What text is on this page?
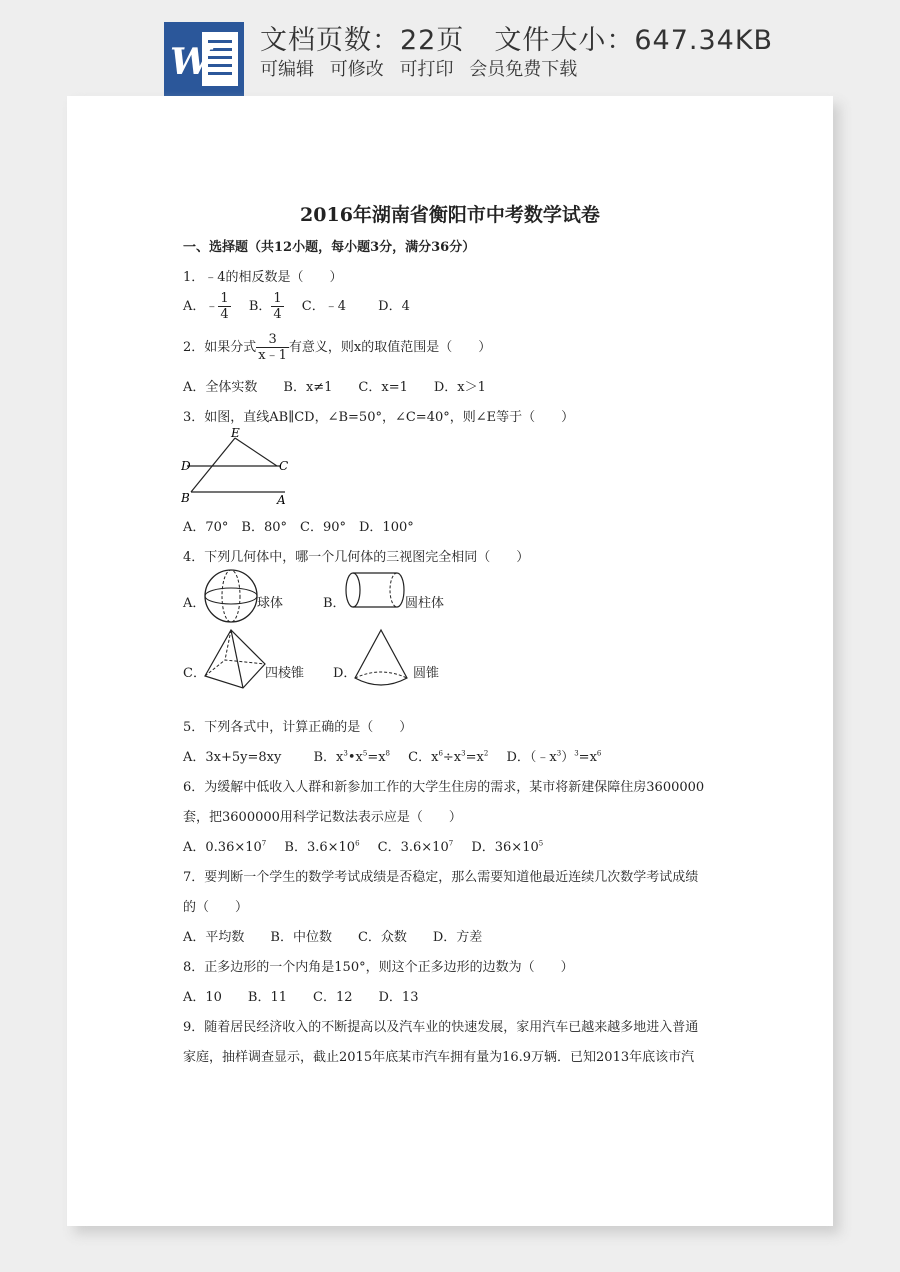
W
文档页数：22页 文件大小：647.34KB
可编辑 可修改 可打印 会员免费下载
2016年湖南省衡阳市中考数学试卷
一、选择题（共12小题，每小题3分，满分36分）
1．﹣4的相反数是（　　）
A．﹣ $\frac{1}{4}$ B． $\frac{1}{4}$ C．﹣4 D．4
2．如果分式 $\frac{3}{x﹣1}$ 有意义，则x的取值范围是（　　）
A．全体实数　　B．x≠1　　C．x=1　　D．x＞1
3．如图，直线AB∥CD，∠B=50°，∠C=40°，则∠E等于（　　）
E
D	C
B	A
A．70°　B．80°　C．90°　D．100°
4．下列几何体中，哪一个几何体的三视图完全相同（　　）
A．	球体	B．	圆柱体
C．	四棱锥 D．	圆锥
5．下列各式中，计算正确的是（　　）
A．3x+5y=8xy B．$x^3•x^5=x^8$ C．$x^6\div x^3=x^2$ D．$(﹣x^3)^3=x^6$
6．为缓解中低收入人群和新参加工作的大学生住房的需求，某市将新建保障住房3600000
套，把3600000用科学记数法表示应是（　　）
A．$0.36\times 10^7$ B．$3.6\times 10^6$ C．$3.6\times 10^7$ D．$36\times 10^5$
7．要判断一个学生的数学考试成绩是否稳定，那么需要知道他最近连续几次数学考试成绩
的（　　）
A．平均数　　B．中位数　　C．众数　　D．方差
8．正多边形的一个内角是150°，则这个正多边形的边数为（　　）
A．10　　B．11　　C．12　　D．13
9．随着居民经济收入的不断提高以及汽车业的快速发展，家用汽车已越来越多地进入普通
家庭，抽样调查显示，截止2015年底某市汽车拥有量为16.9万辆．已知2013年底该市汽
